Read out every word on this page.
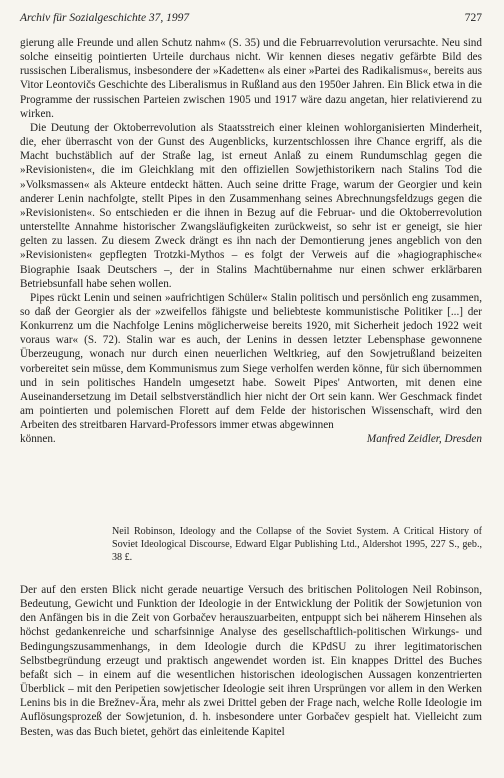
Archiv für Sozialgeschichte 37, 1997	727

gierung alle Freunde und allen Schutz nahm« (S. 35) und die Februarrevolution verursachte. Neu sind solche einseitig pointierten Urteile durchaus nicht. Wir kennen dieses negativ gefärbte Bild des russischen Liberalismus, insbesondere der »Kadetten« als einer »Partei des Radikalismus«, bereits aus Vitor Leontovičs Geschichte des Liberalismus in Rußland aus den 1950er Jahren. Ein Blick etwa in die Programme der russischen Parteien zwischen 1905 und 1917 wäre dazu angetan, hier relativierend zu wirken.

Die Deutung der Oktoberrevolution als Staatsstreich einer kleinen wohlorganisierten Minderheit, die, eher überrascht von der Gunst des Augenblicks, kurzentschlossen ihre Chance ergriff, als die Macht buchstäblich auf der Straße lag, ist erneut Anlaß zu einem Rundumschlag gegen die »Revisionisten«, die im Gleichklang mit den offiziellen Sowjethistorikern nach Stalins Tod die »Volksmassen« als Akteure entdeckt hätten. Auch seine dritte Frage, warum der Georgier und kein anderer Lenin nachfolgte, stellt Pipes in den Zusammenhang seines Abrechnungsfeldzugs gegen die »Revisionisten«. So entschieden er die ihnen in Bezug auf die Februar- und die Oktoberrevolution unterstellte Annahme historischer Zwangsläufigkeiten zurückweist, so sehr ist er geneigt, sie hier gelten zu lassen. Zu diesem Zweck drängt es ihn nach der Demontierung jenes angeblich von den »Revisionisten« gepflegten Trotzki-Mythos – es folgt der Verweis auf die »hagiographische« Biographie Isaak Deutschers –, der in Stalins Machtübernahme nur einen schwer erklärbaren Betriebsunfall habe sehen wollen.

Pipes rückt Lenin und seinen »aufrichtigen Schüler« Stalin politisch und persönlich eng zusammen, so daß der Georgier als der »zweifellos fähigste und beliebteste kommunistische Politiker [...] der Konkurrenz um die Nachfolge Lenins möglicherweise bereits 1920, mit Sicherheit jedoch 1922 weit voraus war« (S. 72). Stalin war es auch, der Lenins in dessen letzter Lebensphase gewonnene Überzeugung, wonach nur durch einen neuerlichen Weltkrieg, auf den Sowjetrußland beizeiten vorbereitet sein müsse, dem Kommunismus zum Siege verholfen werden könne, für sich übernommen und in sein politisches Handeln umgesetzt habe. Soweit Pipes' Antworten, mit denen eine Auseinandersetzung im Detail selbstverständlich hier nicht der Ort sein kann. Wer Geschmack findet am pointierten und polemischen Florett auf dem Felde der historischen Wissenschaft, wird den Arbeiten des streitbaren Harvard-Professors immer etwas abgewinnen

können.	Manfred Zeidler, Dresden
Neil Robinson, Ideology and the Collapse of the Soviet System. A Critical History of Soviet Ideological Discourse, Edward Elgar Publishing Ltd., Aldershot 1995, 227 S., geb., 38 £.

Der auf den ersten Blick nicht gerade neuartige Versuch des britischen Politologen Neil Robinson, Bedeutung, Gewicht und Funktion der Ideologie in der Entwicklung der Politik der Sowjetunion von den Anfängen bis in die Zeit von Gorbačev herauszuarbeiten, entpuppt sich bei näherem Hinsehen als höchst gedankenreiche und scharfsinnige Analyse des gesellschaftlich-politischen Wirkungs- und Bedingungszusammenhangs, in dem Ideologie durch die KPdSU zu ihrer legitimatorischen Selbstbegründung erzeugt und praktisch angewendet worden ist. Ein knappes Drittel des Buches befaßt sich – in einem auf die wesentlichen historischen ideologischen Aussagen konzentrierten Überblick – mit den Peripetien sowjetischer Ideologie seit ihren Ursprüngen vor allem in den Werken Lenins bis in die Brežnev-Ära, mehr als zwei Drittel geben der Frage nach, welche Rolle Ideologie im Auflösungsprozeß der Sowjetunion, d. h. insbesondere unter Gorbačev gespielt hat. Vielleicht zum Besten, was das Buch bietet, gehört das einleitende Kapitel
